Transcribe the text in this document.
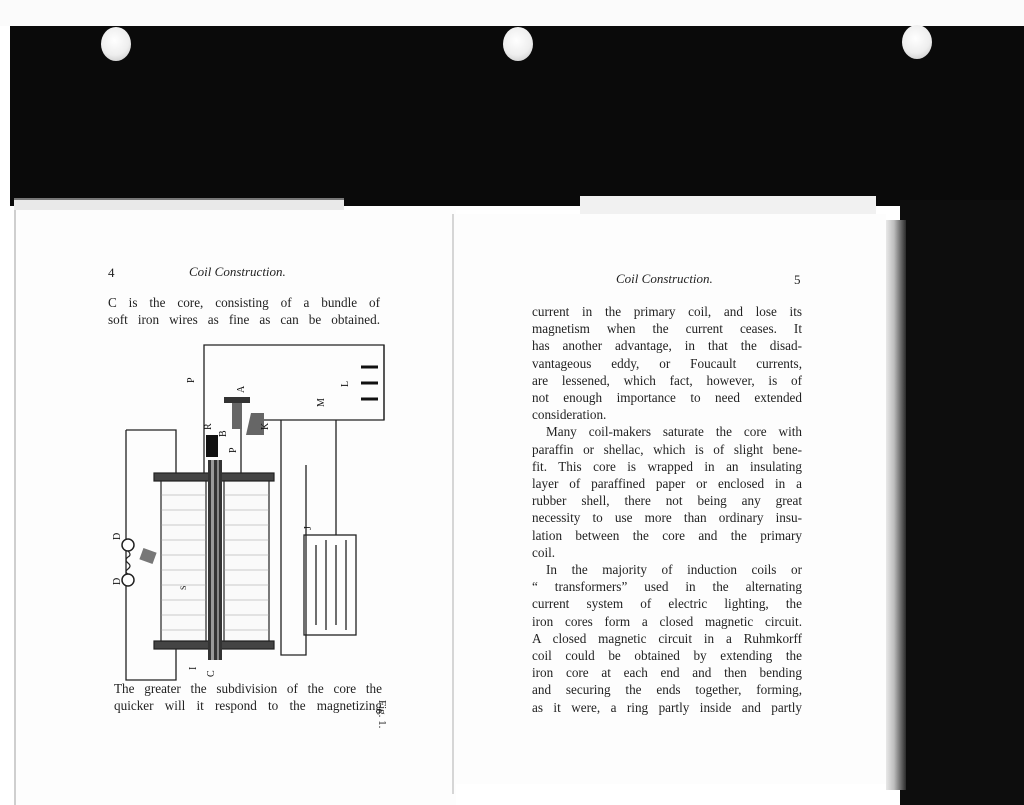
4	Coil Construction.
C is the core, consisting of a bundle of
soft iron wires as fine as can be obtained.
P
L
M
A
R
B
P
K
J
D
D
S
I
C
Fig. 1.
The greater the subdivision of the core the
quicker will it respond to the magnetizing
Coil Construction.	5
current in the primary coil, and lose its
magnetism when the current ceases. It
has another advantage, in that the disad-
vantageous eddy, or Foucault currents,
are lessened, which fact, however, is of
not enough importance to need extended
consideration.
Many coil-makers saturate the core with
paraffin or shellac, which is of slight bene-
fit. This core is wrapped in an insulating
layer of paraffined paper or enclosed in a
rubber shell, there not being any great
necessity to use more than ordinary insu-
lation between the core and the primary
coil.
In the majority of induction coils or
“ transformers” used in the alternating
current system of electric lighting, the
iron cores form a closed magnetic circuit.
A closed magnetic circuit in a Ruhmkorff
coil could be obtained by extending the
iron core at each end and then bending
and securing the ends together, forming,
as it were, a ring partly inside and partly
